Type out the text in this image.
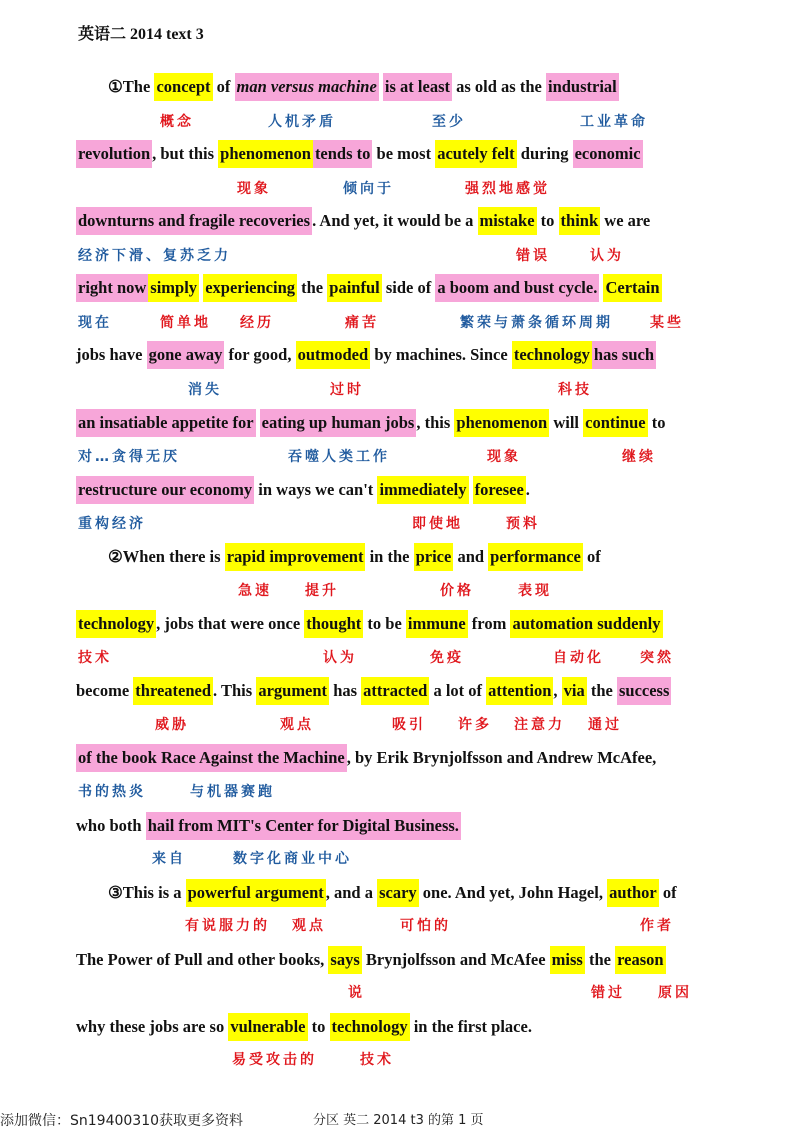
英语二 2014 text 3
①The concept of man versus machine is at least as old as the industrial
概念	人机矛盾	至少	工业革命
revolution , but this phenomenon tends to be most acutely felt during economic
现象	倾向于	强烈地感觉
downturns and fragile recoveries . And yet, it would be a mistake to think we are
经济下滑、复苏乏力	错误	认为
right now simply experiencing the painful side of a boom and bust cycle. Certain
现在	简单地 经历	痛苦	繁荣与萧条循环周期	某些
jobs have gone away for good, outmoded by machines. Since technology has such
消失	过时	科技
an insatiable appetite for eating up human jobs , this phenomenon will continue to
对…贪得无厌	吞噬人类工作	现象	继续
restructure our economy in ways we can't immediately foresee .
重构经济	即使地	预料
②When there is rapid improvement in the price and performance of
急速 提升	价格	表现
technology , jobs that were once thought to be immune from automation suddenly
技术	认为	免疫	自动化	突然
become threatened . This argument has attracted a lot of attention , via the success
威胁	观点	吸引 许多 注意力 通过
of the book Race Against the Machine , by Erik Brynjolfsson and Andrew McAfee,
书的热炎	与机器赛跑
who both hail from MIT's Center for Digital Business.
来自	数字化商业中心
③This is a powerful argument , and a scary one. And yet, John Hagel, author of
有说服力的 观点	可怕的	作者
The Power of Pull and other books, says Brynjolfsson and McAfee miss the reason
说	错过 原因
why these jobs are so vulnerable to technology in the first place.
易受攻击的	技术
添加微信：Sn19400310获取更多资料	分区 英二 2014 t3 的第 1 页
